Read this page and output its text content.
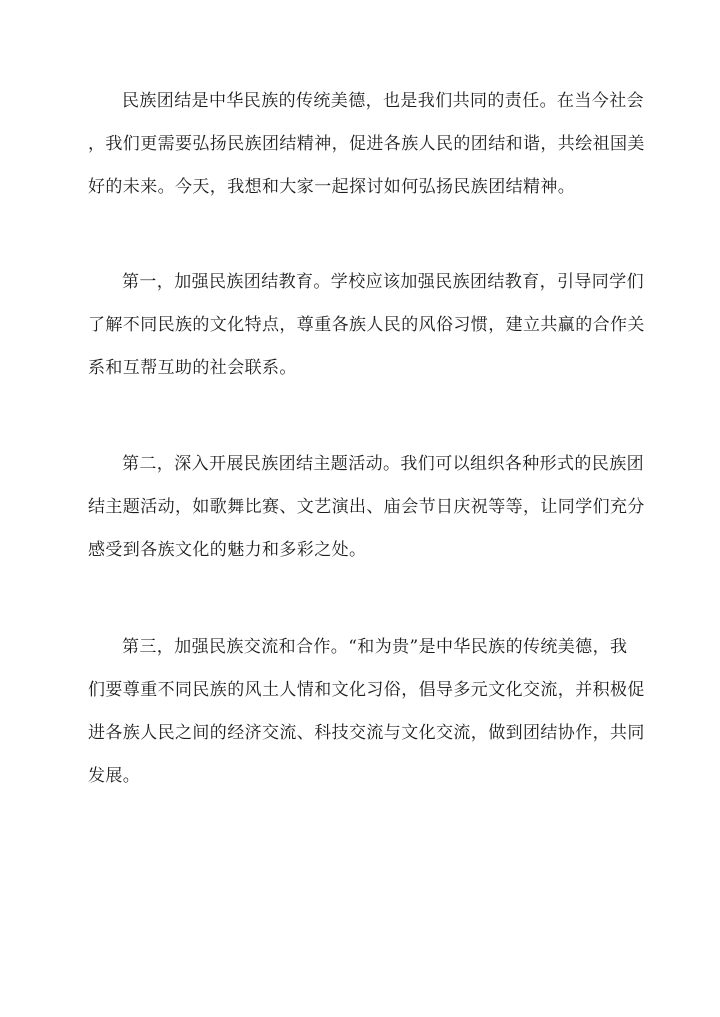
民族团结是中华民族的传统美德，也是我们共同的责任。在当今社会
，我们更需要弘扬民族团结精神，促进各族人民的团结和谐，共绘祖国美
好的未来。今天，我想和大家一起探讨如何弘扬民族团结精神。
第一，加强民族团结教育。学校应该加强民族团结教育，引导同学们
了解不同民族的文化特点，尊重各族人民的风俗习惯，建立共赢的合作关
系和互帮互助的社会联系。
第二，深入开展民族团结主题活动。我们可以组织各种形式的民族团
结主题活动，如歌舞比赛、文艺演出、庙会节日庆祝等等，让同学们充分
感受到各族文化的魅力和多彩之处。
第三，加强民族交流和合作。“和为贵”是中华民族的传统美德，我
们要尊重不同民族的风土人情和文化习俗，倡导多元文化交流，并积极促
进各族人民之间的经济交流、科技交流与文化交流，做到团结协作，共同
发展。
